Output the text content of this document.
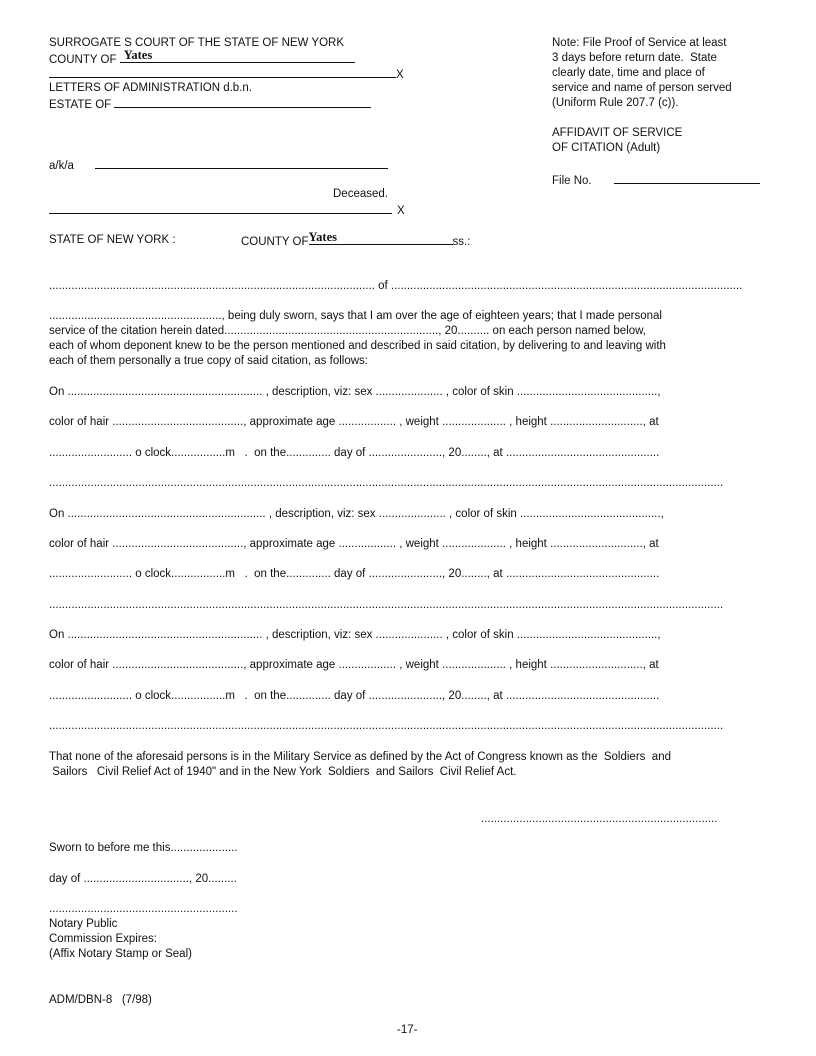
SURROGATE S COURT OF THE STATE OF NEW YORK
COUNTY OF Yates
X
LETTERS OF ADMINISTRATION d.b.n.
ESTATE OF
a/k/a
Deceased.
X
Note: File Proof of Service at least
3 days before return date.  State
clearly date, time and place of
service and name of person served
(Uniform Rule 207.7 (c)).
AFFIDAVIT OF SERVICE
OF CITATION (Adult)
File No.
STATE OF NEW YORK :	COUNTY OF Yates	ss.:
...................................................................................................... of ..............................................................................................................
......................................................, being duly sworn, says that I am over the age of eighteen years; that I made personal
service of the citation herein dated..................................................................., 20.......... on each person named below,
each of whom deponent knew to be the person mentioned and described in said citation, by delivering to and leaving with
each of them personally a true copy of said citation, as follows:
On ............................................................. , description, viz: sex ..................... , color of skin ............................................,
color of hair ........................................., approximate age .................. , weight .................... , height ............................., at
.......................... o clock.................m   .  on the.............. day of ......................., 20........, at ................................................
...................................................................................................................................................................................................................
On .............................................................. , description, viz: sex ..................... , color of skin ............................................,
color of hair ........................................., approximate age .................. , weight .................... , height ............................., at
.......................... o clock.................m   .  on the.............. day of ......................., 20........, at ................................................
...................................................................................................................................................................................................................
On ............................................................. , description, viz: sex ..................... , color of skin ............................................,
color of hair ........................................., approximate age .................. , weight .................... , height ............................., at
.......................... o clock.................m   .  on the.............. day of ......................., 20........, at ................................................
...................................................................................................................................................................................................................
That none of the aforesaid persons is in the Military Service as defined by the Act of Congress known as the  Soldiers  and
Sailors   Civil Relief Act of 1940" and in the New York  Soldiers  and Sailors  Civil Relief Act.
..........................................................................
Sworn to before me this.....................
day of ................................., 20.........
...........................................................
Notary Public
Commission Expires:
(Affix Notary Stamp or Seal)
ADM/DBN-8   (7/98)
-17-
